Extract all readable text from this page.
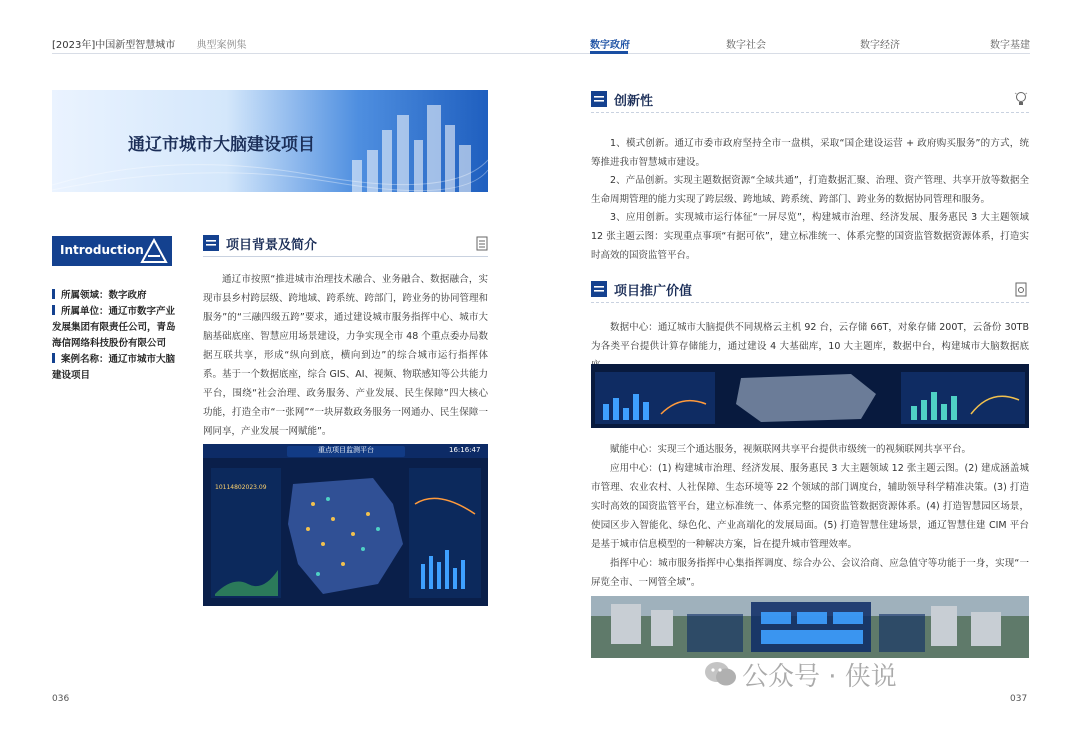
[2023年]中国新型智慧城市 典型案例集	数字政府	数字社会	数字经济	数字基建
通辽市城市大脑建设项目
Introduction
所属领域：数字政府
所属单位：通辽市数字产业发展集团有限责任公司，青岛海信网络科技股份有限公司
案例名称：通辽市城市大脑建设项目
项目背景及简介
通辽市按照“推进城市治理技术融合、业务融合、数据融合，实现市县乡村跨层级、跨地域、跨系统、跨部门，跨业务的协同管理和服务”的“三融四级五跨”要求，通过建设城市服务指挥中心、城市大脑基础底座、智慧应用场景建设，力争实现全市 48 个重点委办局数据互联共享，形成“纵向到底，横向到边”的综合城市运行指挥体系。基于一个数据底座，综合 GIS、AI、视频、物联感知等公共能力平台，围绕“社会治理、政务服务、产业发展、民生保障”四大核心功能，打造全市“一张网”“一块屏数政务服务一网通办、民生保障一网同享，产业发展一网赋能”。
重点项目监测平台	16:16:47
10114802023.09
036
创新性
1、模式创新。通辽市委市政府坚持全市一盘棋，采取“国企建设运营 + 政府购买服务”的方式，统筹推进我市智慧城市建设。
2、产品创新。实现主题数据资源“全域共通”，打造数据汇聚、治理、资产管理、共享开放等数据全生命周期管理的能力实现了跨层级、跨地域、跨系统、跨部门、跨业务的数据协同管理和服务。
3、应用创新。实现城市运行体征“一屏尽览”，构建城市治理、经济发展、服务惠民 3 大主题领域 12 张主题云图：实现重点事项“有据可依”，建立标准统一、体系完整的国资监管数据资源体系，打造实时高效的国资监管平台。
项目推广价值
数据中心：通辽城市大脑提供不同规格云主机 92 台，云存储 66T，对象存储 200T，云备份 30TB 为各类平台提供计算存储能力，通过建设 4 大基础库，10 大主题库，数据中台，构建城市大脑数据底
赋能中心：实现三个通达服务，视频联网共享平台提供市级统一的视频联网共享平台。
应用中心：(1) 构建城市治理、经济发展、服务惠民 3 大主题领域 12 张主题云图。(2) 建成涵盖城市管理、农业农村、人社保障、生态环境等 22 个领域的部门调度台，辅助领导科学精准决策。(3) 打造实时高效的国资监管平台，建立标准统一、体系完整的国资监管数据资源体系。(4) 打造智慧园区场景，使园区步入智能化、绿色化、产业高端化的发展局面。(5) 打造智慧住建场景，通辽智慧住建 CIM 平台是基于城市信息模型的一种解决方案，旨在提升城市管理效率。
指挥中心：城市服务指挥中心集指挥调度、综合办公、会议洽商、应急值守等功能于一身，实现“一屏览全市、一网管全域”。
公众号 · 侠说
037
